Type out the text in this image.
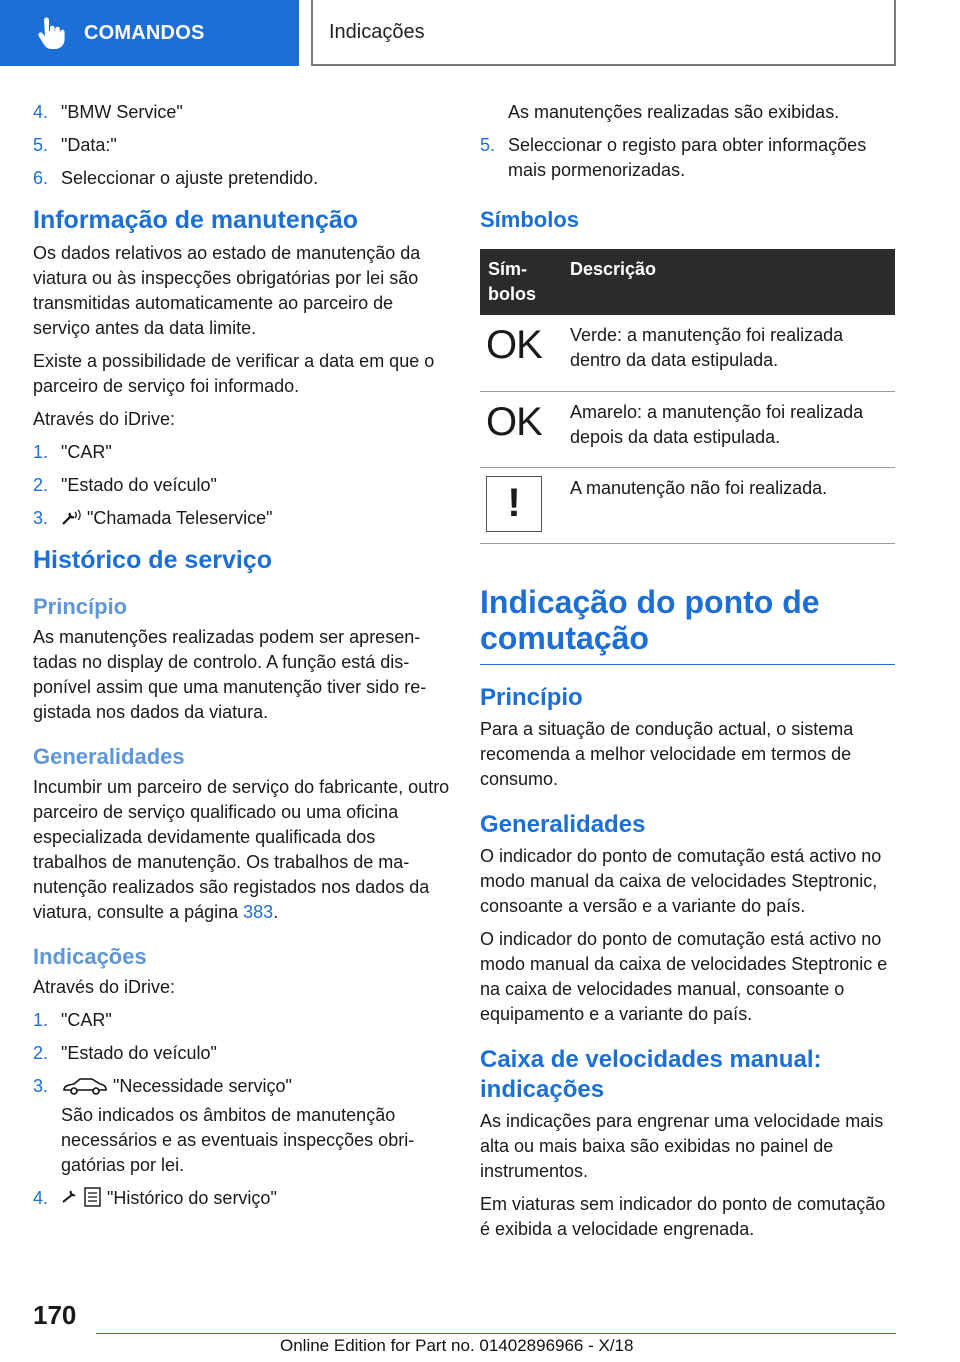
COMANDOS	Indicações
4. "BMW Service"
5. "Data:"
6. Seleccionar o ajuste pretendido.
Informação de manutenção

Os dados relativos ao estado de manutenção da viatura ou às inspecções obrigatórias por lei são transmitidas automaticamente ao parceiro de serviço antes da data limite.

Existe a possibilidade de verificar a data em que o parceiro de serviço foi informado.

Através do iDrive:

1. "CAR"
2. "Estado do veículo"
3. "Chamada Teleservice"
Histórico de serviço
Princípio

As manutenções realizadas podem ser apresentadas no display de controlo. A função está disponível assim que uma manutenção tiver sido registada nos dados da viatura.

Generalidades

Incumbir um parceiro de serviço do fabricante, outro parceiro de serviço qualificado ou uma oficina especializada devidamente qualificada dos trabalhos de manutenção. Os trabalhos de manutenção realizados são registados nos dados da viatura, consulte a página 383.

Indicações

Através do iDrive:

1. "CAR"
2. "Estado do veículo"
3.	"Necessidade serviço"

São indicados os âmbitos de manutenção necessários e as eventuais inspecções obrigatórias por lei.

4.	"Histórico do serviço"

As manutenções realizadas são exibidas.

5. Seleccionar o registo para obter informações mais pormenorizadas.
Símbolos
Símbolos	Descrição
OK	Verde: a manutenção foi realizada dentro da data estipulada.
OK	Amarelo: a manutenção foi realizada depois da data estipulada.

!	A manutenção não foi realizada.
Indicação do ponto de comutação
Princípio

Para a situação de condução actual, o sistema recomenda a melhor velocidade em termos de consumo.

Generalidades

O indicador do ponto de comutação está activo no modo manual da caixa de velocidades Steptronic, consoante a versão e a variante do país.

O indicador do ponto de comutação está activo no modo manual da caixa de velocidades Steptronic e na caixa de velocidades manual, consoante o equipamento e a variante do país.

Caixa de velocidades manual: indicações

As indicações para engrenar uma velocidade mais alta ou mais baixa são exibidas no painel de instrumentos.

Em viaturas sem indicador do ponto de comutação é exibida a velocidade engrenada.

170
Online Edition for Part no. 01402896966 - X/18
